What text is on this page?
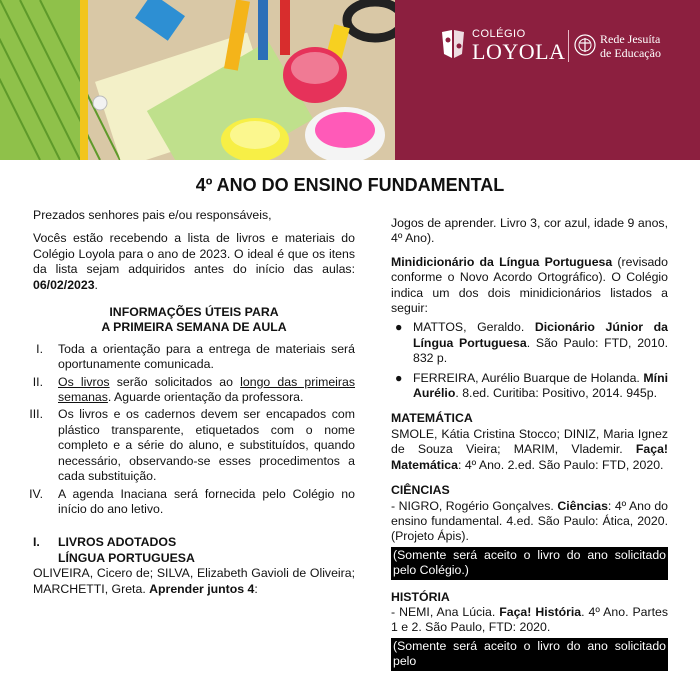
COLÉGIO
LOYOLA	Rede Jesuíta
de Educação
4º ANO DO ENSINO FUNDAMENTAL

Prezados senhores pais e/ou responsáveis,

Vocês estão recebendo a lista de livros e materiais do Colégio Loyola para o ano de 2023. O ideal é que os itens da lista sejam adquiridos antes do início das aulas: 06/02/2023.

INFORMAÇÕES ÚTEIS PARA
A PRIMEIRA SEMANA DE AULA
I. Toda a orientação para a entrega de materiais será oportunamente comunicada.
II. Os livros serão solicitados ao longo das primeiras semanas. Aguarde orientação da professora.
III. Os livros e os cadernos devem ser encapados com plástico transparente, etiquetados com o nome completo e a série do aluno, e substituídos, quando necessário, observando-se esses procedimentos a cada substituição.
IV. A agenda Inaciana será fornecida pelo Colégio no início do ano letivo.
I. LIVROS ADOTADOS
LÍNGUA PORTUGUESA

OLIVEIRA, Cicero de; SILVA, Elizabeth Gavioli de Oliveira; MARCHETTI, Greta. Aprender juntos 4:

Jogos de aprender. Livro 3, cor azul, idade 9 anos, 4º Ano).

Minidicionário da Língua Portuguesa (revisado conforme o Novo Acordo Ortográfico). O Colégio indica um dos dois minidicionários listados a seguir:

● MATTOS, Geraldo. Dicionário Júnior da Língua Portuguesa. São Paulo: FTD, 2010. 832 p.
● FERREIRA, Aurélio Buarque de Holanda. Míni Aurélio. 8.ed. Curitiba: Positivo, 2014. 945p.
MATEMÁTICA

SMOLE, Kátia Cristina Stocco; DINIZ, Maria Ignez de Souza Vieira; MARIM, Vlademir. Faça! Matemática: 4º Ano. 2.ed. São Paulo: FTD, 2020.

CIÊNCIAS
- NIGRO, Rogério Gonçalves. Ciências: 4º Ano do ensino fundamental. 4.ed. São Paulo: Ática, 2020. (Projeto Ápis).
(Somente será aceito o livro do ano solicitado pelo Colégio.)
HISTÓRIA
- NEMI, Ana Lúcia. Faça! História. 4º Ano. Partes 1 e 2. São Paulo, FTD: 2020.
(Somente será aceito o livro do ano solicitado pelo
